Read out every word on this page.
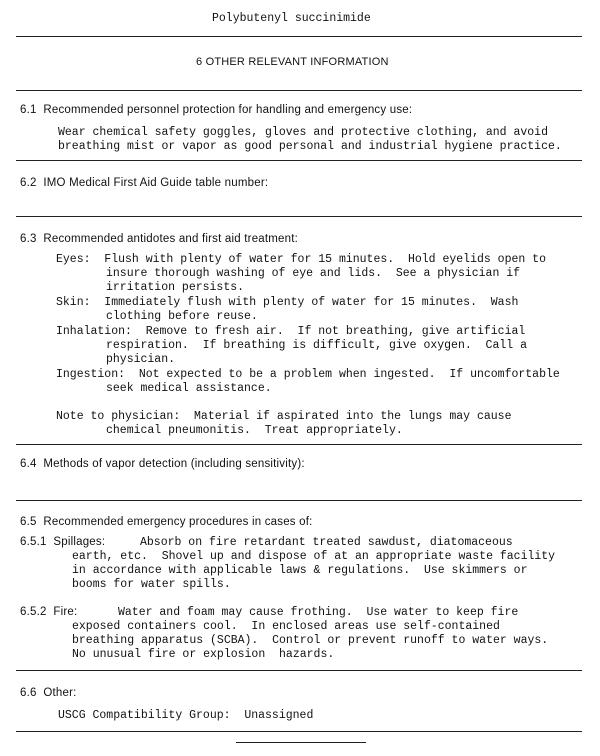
Polybutenyl succinimide
6 OTHER RELEVANT INFORMATION
6.1  Recommended personnel protection for handling and emergency use:
Wear chemical safety goggles, gloves and protective clothing, and avoid
breathing mist or vapor as good personal and industrial hygiene practice.
6.2  IMO Medical First Aid Guide table number:
6.3  Recommended antidotes and first aid treatment:
Eyes:  Flush with plenty of water for 15 minutes.  Hold eyelids open to
insure thorough washing of eye and lids.  See a physician if
irritation persists.
Skin:  Immediately flush with plenty of water for 15 minutes.  Wash
clothing before reuse.
Inhalation:  Remove to fresh air.  If not breathing, give artificial
respiration.  If breathing is difficult, give oxygen.  Call a
physician.
Ingestion:  Not expected to be a problem when ingested.  If uncomfortable
seek medical assistance.
Note to physician:  Material if aspirated into the lungs may cause
chemical pneumonitis.  Treat appropriately.
6.4  Methods of vapor detection (including sensitivity):
6.5  Recommended emergency procedures in cases of:
6.5.1  Spillages:	Absorb on fire retardant treated sawdust, diatomaceous
earth, etc.  Shovel up and dispose of at an appropriate waste facility
in accordance with applicable laws & regulations.  Use skimmers or
booms for water spills.
6.5.2  Fire:	Water and foam may cause frothing.  Use water to keep fire
exposed containers cool.  In enclosed areas use self-contained
breathing apparatus (SCBA).  Control or prevent runoff to water ways.
No unusual fire or explosion  hazards.
6.6  Other:
USCG Compatibility Group:  Unassigned
